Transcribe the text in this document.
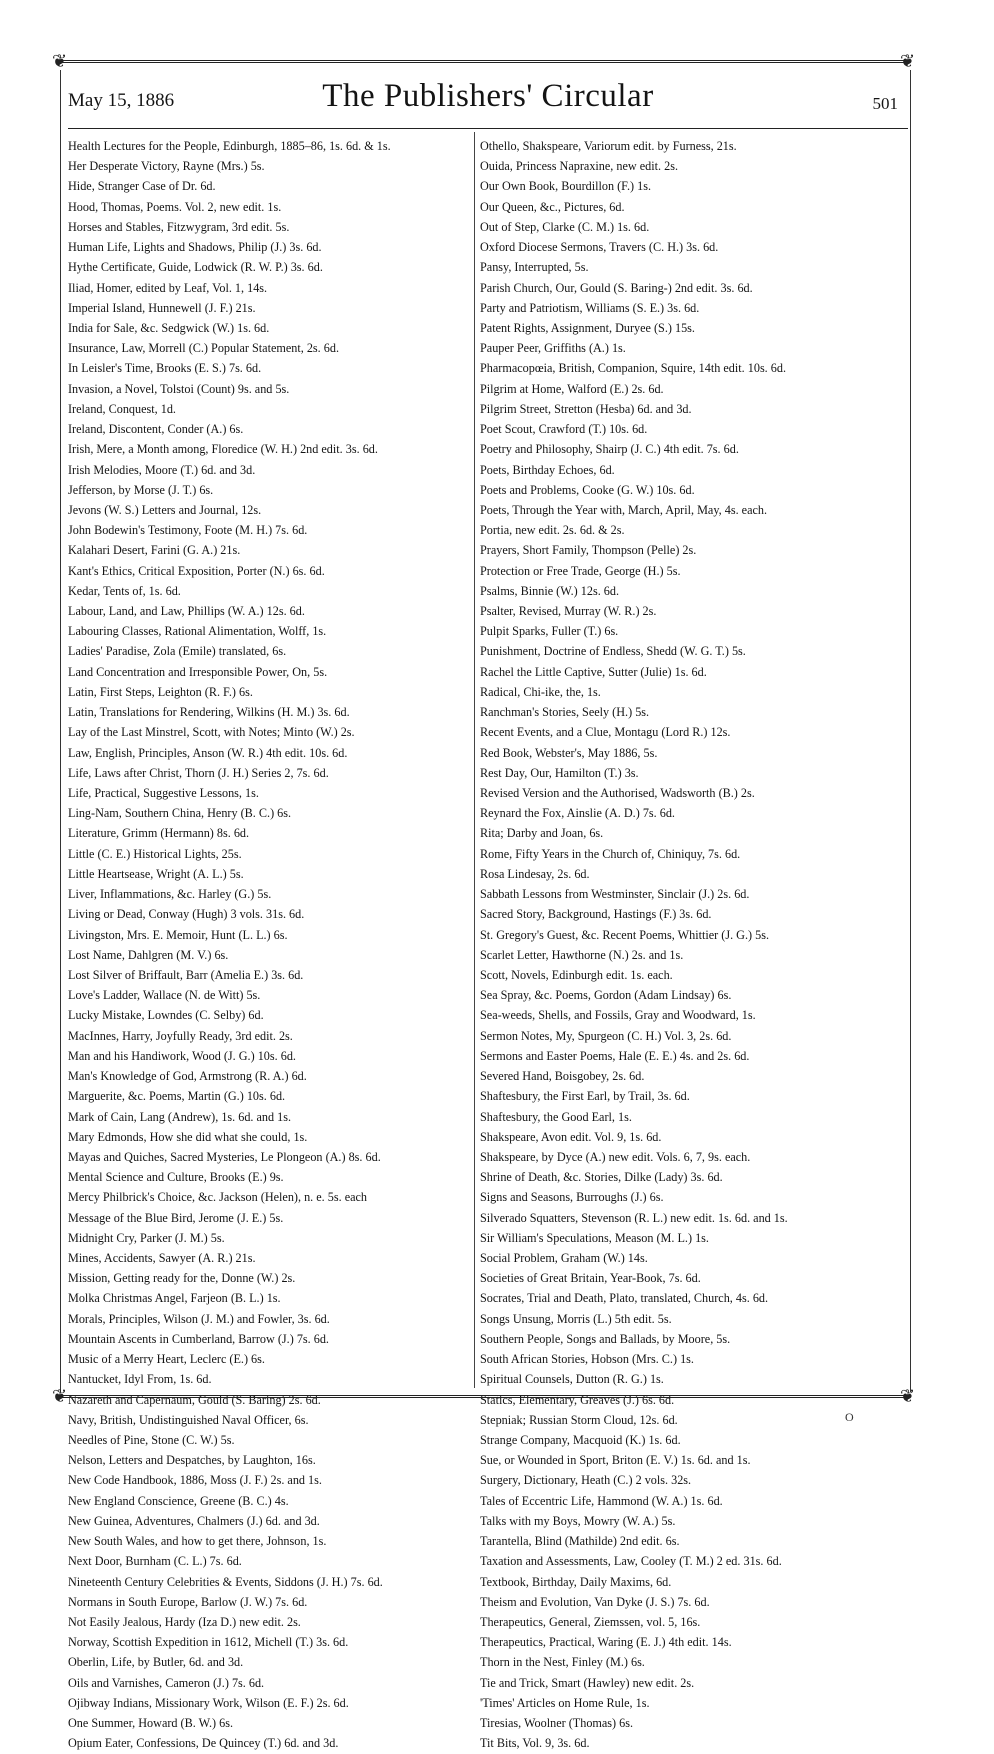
❦	❦
May 15, 1886	The Publishers' Circular	501
Health Lectures for the People, Edinburgh, 1885–86, 1s. 6d. & 1s.
Her Desperate Victory, Rayne (Mrs.) 5s.
Hide, Stranger Case of Dr. 6d.
Hood, Thomas, Poems. Vol. 2, new edit. 1s.
Horses and Stables, Fitzwygram, 3rd edit. 5s.
Human Life, Lights and Shadows, Philip (J.) 3s. 6d.
Hythe Certificate, Guide, Lodwick (R. W. P.) 3s. 6d.
Iliad, Homer, edited by Leaf, Vol. 1, 14s.
Imperial Island, Hunnewell (J. F.) 21s.
India for Sale, &c. Sedgwick (W.) 1s. 6d.
Insurance, Law, Morrell (C.) Popular Statement, 2s. 6d.
In Leisler's Time, Brooks (E. S.) 7s. 6d.
Invasion, a Novel, Tolstoi (Count) 9s. and 5s.
Ireland, Conquest, 1d.
Ireland, Discontent, Conder (A.) 6s.
Irish, Mere, a Month among, Floredice (W. H.) 2nd edit. 3s. 6d.
Irish Melodies, Moore (T.) 6d. and 3d.
Jefferson, by Morse (J. T.) 6s.
Jevons (W. S.) Letters and Journal, 12s.
John Bodewin's Testimony, Foote (M. H.) 7s. 6d.
Kalahari Desert, Farini (G. A.) 21s.
Kant's Ethics, Critical Exposition, Porter (N.) 6s. 6d.
Kedar, Tents of, 1s. 6d.
Labour, Land, and Law, Phillips (W. A.) 12s. 6d.
Labouring Classes, Rational Alimentation, Wolff, 1s.
Ladies' Paradise, Zola (Emile) translated, 6s.
Land Concentration and Irresponsible Power, On, 5s.
Latin, First Steps, Leighton (R. F.) 6s.
Latin, Translations for Rendering, Wilkins (H. M.) 3s. 6d.
Lay of the Last Minstrel, Scott, with Notes; Minto (W.) 2s.
Law, English, Principles, Anson (W. R.) 4th edit. 10s. 6d.
Life, Laws after Christ, Thorn (J. H.) Series 2, 7s. 6d.
Life, Practical, Suggestive Lessons, 1s.
Ling-Nam, Southern China, Henry (B. C.) 6s.
Literature, Grimm (Hermann) 8s. 6d.
Little (C. E.) Historical Lights, 25s.
Little Heartsease, Wright (A. L.) 5s.
Liver, Inflammations, &c. Harley (G.) 5s.
Living or Dead, Conway (Hugh) 3 vols. 31s. 6d.
Livingston, Mrs. E. Memoir, Hunt (L. L.) 6s.
Lost Name, Dahlgren (M. V.) 6s.
Lost Silver of Briffault, Barr (Amelia E.) 3s. 6d.
Love's Ladder, Wallace (N. de Witt) 5s.
Lucky Mistake, Lowndes (C. Selby) 6d.
MacInnes, Harry, Joyfully Ready, 3rd edit. 2s.
Man and his Handiwork, Wood (J. G.) 10s. 6d.
Man's Knowledge of God, Armstrong (R. A.) 6d.
Marguerite, &c. Poems, Martin (G.) 10s. 6d.
Mark of Cain, Lang (Andrew), 1s. 6d. and 1s.
Mary Edmonds, How she did what she could, 1s.
Mayas and Quiches, Sacred Mysteries, Le Plongeon (A.) 8s. 6d.
Mental Science and Culture, Brooks (E.) 9s.
Mercy Philbrick's Choice, &c. Jackson (Helen), n. e. 5s. each
Message of the Blue Bird, Jerome (J. E.) 5s.
Midnight Cry, Parker (J. M.) 5s.
Mines, Accidents, Sawyer (A. R.) 21s.
Mission, Getting ready for the, Donne (W.) 2s.
Molka Christmas Angel, Farjeon (B. L.) 1s.
Morals, Principles, Wilson (J. M.) and Fowler, 3s. 6d.
Mountain Ascents in Cumberland, Barrow (J.) 7s. 6d.
Music of a Merry Heart, Leclerc (E.) 6s.
Nantucket, Idyl From, 1s. 6d.
Nazareth and Capernaum, Gould (S. Baring) 2s. 6d.
Navy, British, Undistinguished Naval Officer, 6s.
Needles of Pine, Stone (C. W.) 5s.
Nelson, Letters and Despatches, by Laughton, 16s.
New Code Handbook, 1886, Moss (J. F.) 2s. and 1s.
New England Conscience, Greene (B. C.) 4s.
New Guinea, Adventures, Chalmers (J.) 6d. and 3d.
New South Wales, and how to get there, Johnson, 1s.
Next Door, Burnham (C. L.) 7s. 6d.
Nineteenth Century Celebrities & Events, Siddons (J. H.) 7s. 6d.
Normans in South Europe, Barlow (J. W.) 7s. 6d.
Not Easily Jealous, Hardy (Iza D.) new edit. 2s.
Norway, Scottish Expedition in 1612, Michell (T.) 3s. 6d.
Oberlin, Life, by Butler, 6d. and 3d.
Oils and Varnishes, Cameron (J.) 7s. 6d.
Ojibway Indians, Missionary Work, Wilson (E. F.) 2s. 6d.
One Summer, Howard (B. W.) 6s.
Opium Eater, Confessions, De Quincey (T.) 6d. and 3d.
Othello, Shakspeare, Variorum edit. by Furness, 21s.
Ouida, Princess Napraxine, new edit. 2s.
Our Own Book, Bourdillon (F.) 1s.
Our Queen, &c., Pictures, 6d.
Out of Step, Clarke (C. M.) 1s. 6d.
Oxford Diocese Sermons, Travers (C. H.) 3s. 6d.
Pansy, Interrupted, 5s.
Parish Church, Our, Gould (S. Baring-) 2nd edit. 3s. 6d.
Party and Patriotism, Williams (S. E.) 3s. 6d.
Patent Rights, Assignment, Duryee (S.) 15s.
Pauper Peer, Griffiths (A.) 1s.
Pharmacopœia, British, Companion, Squire, 14th edit. 10s. 6d.
Pilgrim at Home, Walford (E.) 2s. 6d.
Pilgrim Street, Stretton (Hesba) 6d. and 3d.
Poet Scout, Crawford (T.) 10s. 6d.
Poetry and Philosophy, Shairp (J. C.) 4th edit. 7s. 6d.
Poets, Birthday Echoes, 6d.
Poets and Problems, Cooke (G. W.) 10s. 6d.
Poets, Through the Year with, March, April, May, 4s. each.
Portia, new edit. 2s. 6d. & 2s.
Prayers, Short Family, Thompson (Pelle) 2s.
Protection or Free Trade, George (H.) 5s.
Psalms, Binnie (W.) 12s. 6d.
Psalter, Revised, Murray (W. R.) 2s.
Pulpit Sparks, Fuller (T.) 6s.
Punishment, Doctrine of Endless, Shedd (W. G. T.) 5s.
Rachel the Little Captive, Sutter (Julie) 1s. 6d.
Radical, Chi-ike, the, 1s.
Ranchman's Stories, Seely (H.) 5s.
Recent Events, and a Clue, Montagu (Lord R.) 12s.
Red Book, Webster's, May 1886, 5s.
Rest Day, Our, Hamilton (T.) 3s.
Revised Version and the Authorised, Wadsworth (B.) 2s.
Reynard the Fox, Ainslie (A. D.) 7s. 6d.
Rita; Darby and Joan, 6s.
Rome, Fifty Years in the Church of, Chiniquy, 7s. 6d.
Rosa Lindesay, 2s. 6d.
Sabbath Lessons from Westminster, Sinclair (J.) 2s. 6d.
Sacred Story, Background, Hastings (F.) 3s. 6d.
St. Gregory's Guest, &c. Recent Poems, Whittier (J. G.) 5s.
Scarlet Letter, Hawthorne (N.) 2s. and 1s.
Scott, Novels, Edinburgh edit. 1s. each.
Sea Spray, &c. Poems, Gordon (Adam Lindsay) 6s.
Sea-weeds, Shells, and Fossils, Gray and Woodward, 1s.
Sermon Notes, My, Spurgeon (C. H.) Vol. 3, 2s. 6d.
Sermons and Easter Poems, Hale (E. E.) 4s. and 2s. 6d.
Severed Hand, Boisgobey, 2s. 6d.
Shaftesbury, the First Earl, by Trail, 3s. 6d.
Shaftesbury, the Good Earl, 1s.
Shakspeare, Avon edit. Vol. 9, 1s. 6d.
Shakspeare, by Dyce (A.) new edit. Vols. 6, 7, 9s. each.
Shrine of Death, &c. Stories, Dilke (Lady) 3s. 6d.
Signs and Seasons, Burroughs (J.) 6s.
Silverado Squatters, Stevenson (R. L.) new edit. 1s. 6d. and 1s.
Sir William's Speculations, Meason (M. L.) 1s.
Social Problem, Graham (W.) 14s.
Societies of Great Britain, Year-Book, 7s. 6d.
Socrates, Trial and Death, Plato, translated, Church, 4s. 6d.
Songs Unsung, Morris (L.) 5th edit. 5s.
Southern People, Songs and Ballads, by Moore, 5s.
South African Stories, Hobson (Mrs. C.) 1s.
Spiritual Counsels, Dutton (R. G.) 1s.
Statics, Elementary, Greaves (J.) 6s. 6d.
Stepniak; Russian Storm Cloud, 12s. 6d.
Strange Company, Macquoid (K.) 1s. 6d.
Sue, or Wounded in Sport, Briton (E. V.) 1s. 6d. and 1s.
Surgery, Dictionary, Heath (C.) 2 vols. 32s.
Tales of Eccentric Life, Hammond (W. A.) 1s. 6d.
Talks with my Boys, Mowry (W. A.) 5s.
Tarantella, Blind (Mathilde) 2nd edit. 6s.
Taxation and Assessments, Law, Cooley (T. M.) 2 ed. 31s. 6d.
Textbook, Birthday, Daily Maxims, 6d.
Theism and Evolution, Van Dyke (J. S.) 7s. 6d.
Therapeutics, General, Ziemssen, vol. 5, 16s.
Therapeutics, Practical, Waring (E. J.) 4th edit. 14s.
Thorn in the Nest, Finley (M.) 6s.
Tie and Trick, Smart (Hawley) new edit. 2s.
'Times' Articles on Home Rule, 1s.
Tiresias, Woolner (Thomas) 6s.
Tit Bits, Vol. 9, 3s. 6d.
❦	❦
O
